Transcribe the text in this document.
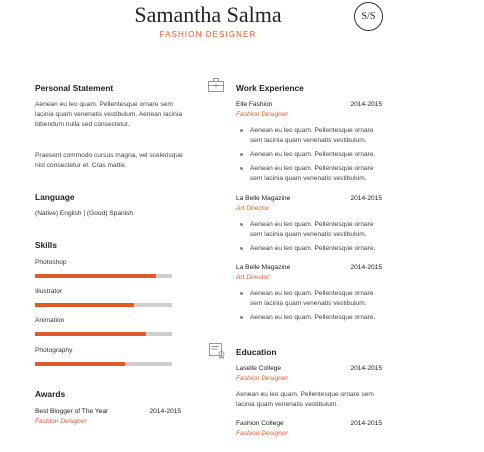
Samantha Salma
FASHION DESIGNER
S/S
Personal Statement
Aenean eu leo quam. Pellentesque ornare sem lacinia quam venenatis vestibulum. Aenean lacinia bibendum nulla sed consectetur.
Praesent commodo cursus magna, vel scelerisque nisl consectetur et. Cras mattis
Language
(Native) English | (Good) Spanish
Skills
Photoshop
Illustrator
Animation
Photography
Awards
Best Blogger of The Year	2014-2015
Fashion Designer
Work Experience
Elle Fashion	2014-2015
Fashion Designer
Aenean eu leo quam. Pellentesque ornare sem lacinia quam venenatis vestibulum.
Aenean eu leo quam. Pellentesque ornare.
Aenean eu leo quam. Pellentesque ornare sem lacinia quam venenatis vestibulum.
La Belle Magazine	2014-2015
Art Director
Aenean eu leo quam. Pellentesque ornare sem lacinia quam venenatis vestibulum.
Aenean eu leo quam. Pellentesque ornare.
La Belle Magazine	2014-2015
Art Director
Aenean eu leo quam. Pellentesque ornare sem lacinia quam venenatis vestibulum.
Aenean eu leo quam. Pellentesque ornare.
Education
Laselle College	2014-2015
Fashion Designer
Aenean eu leo quam. Pellentesque ornare sem lacinia quam venenatis vestibulum.
Fashion College	2014-2015
Fashion Designer
